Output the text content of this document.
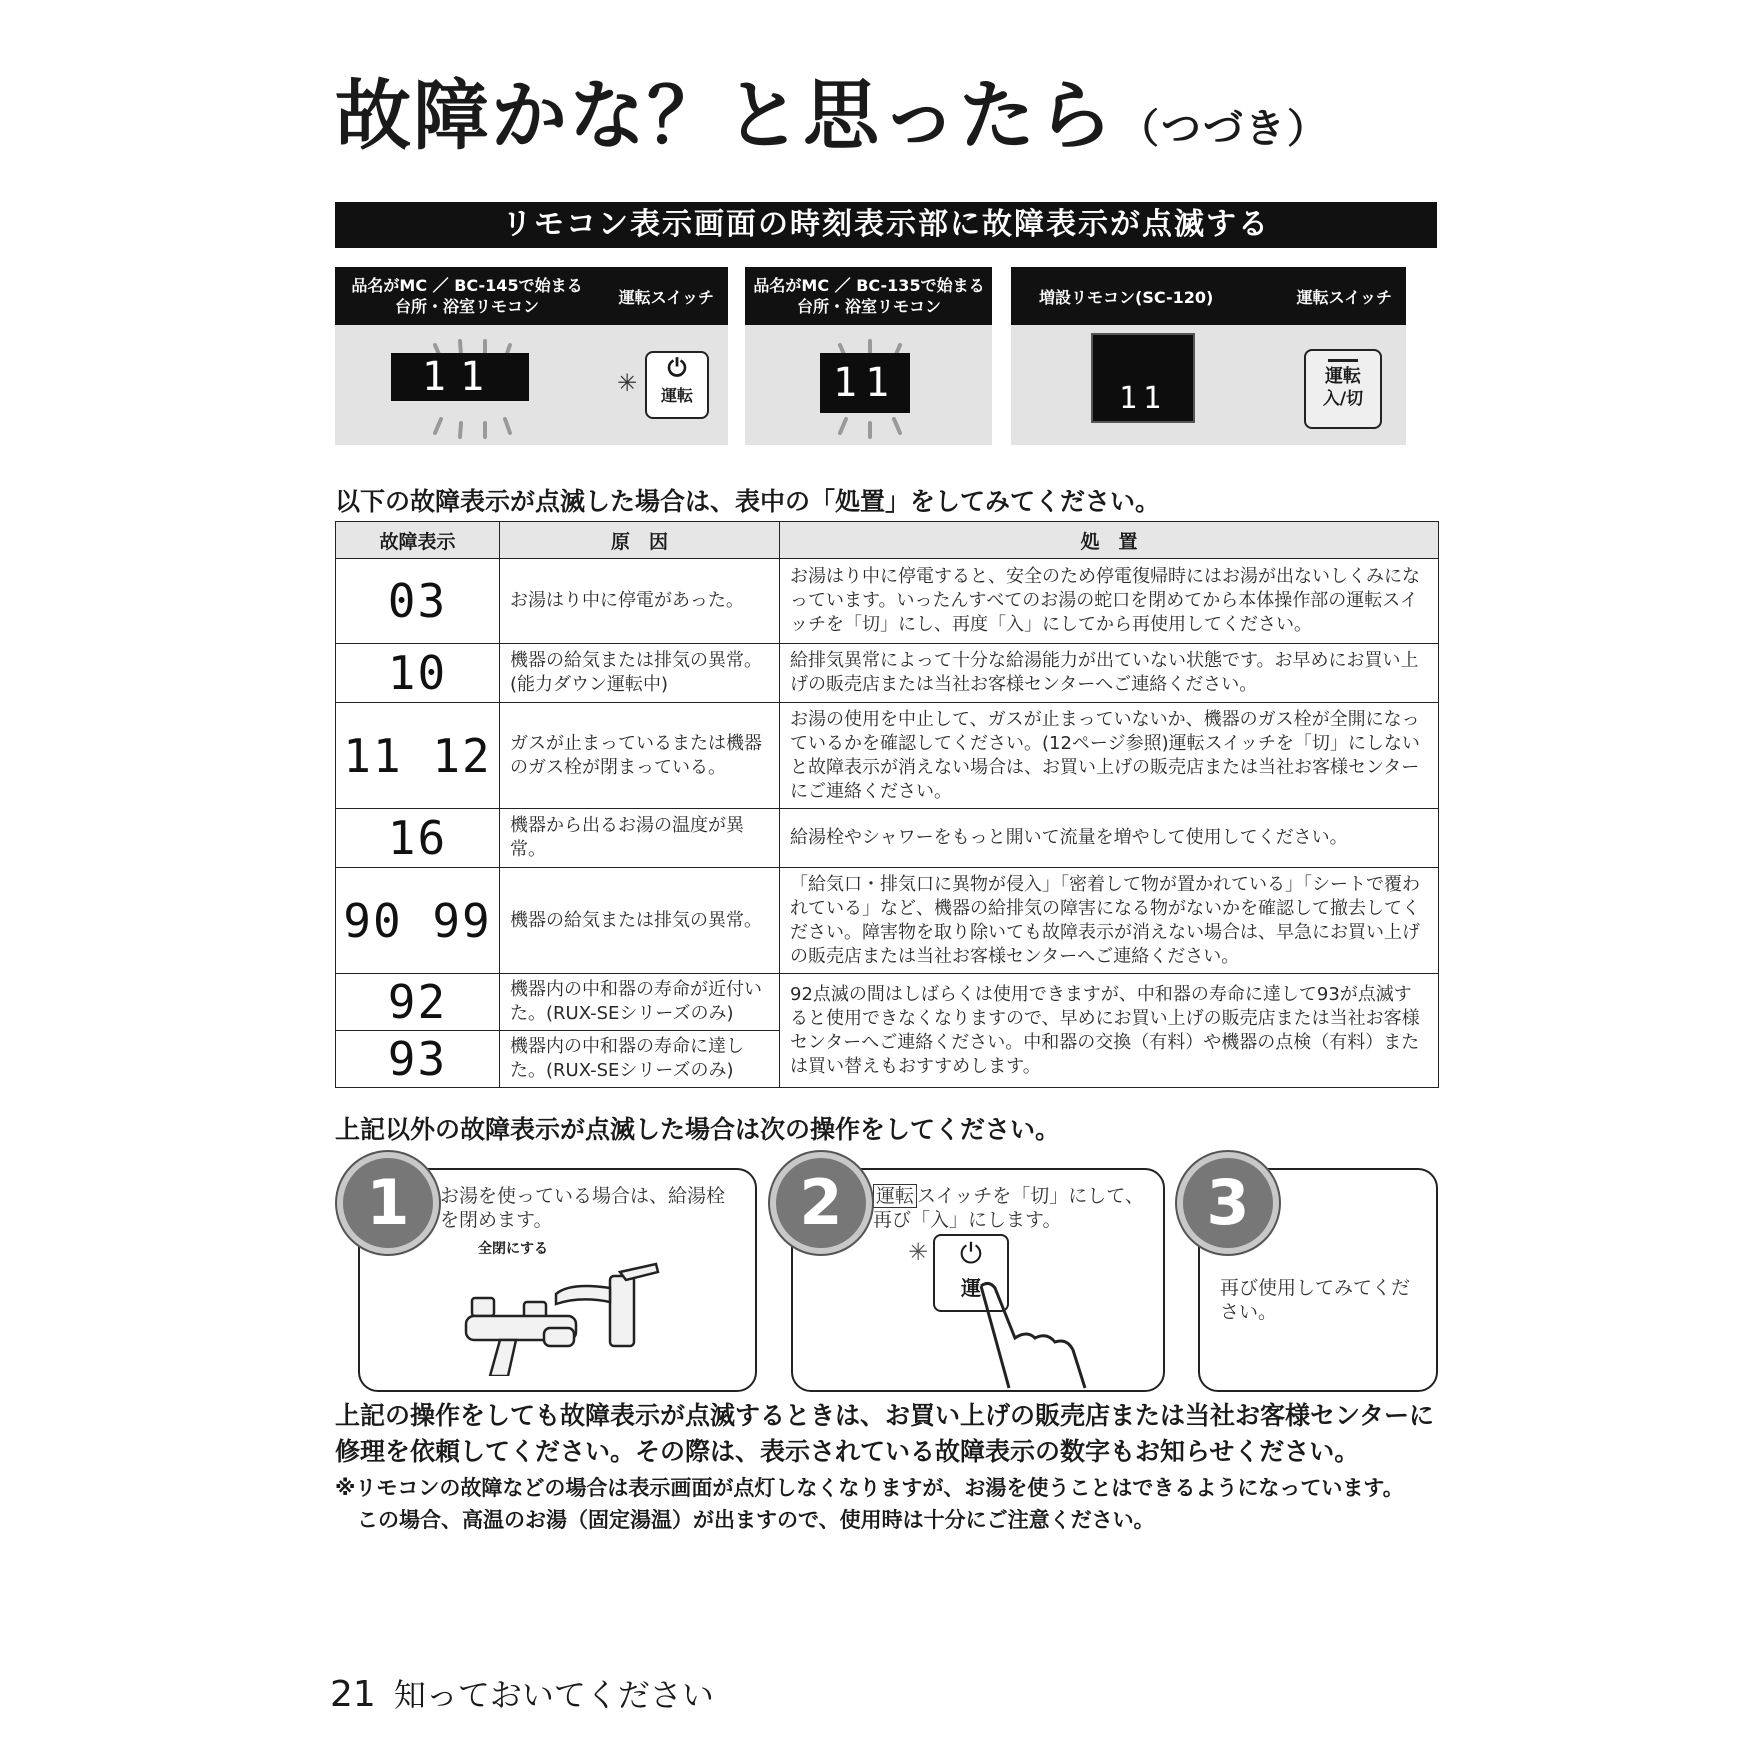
故障かな？と思ったら （つづき）
リモコン表示画面の時刻表示部に故障表示が点滅する
品名がMC ／ BC-145で始まる台所・浴室リモコン	運転スイッチ
11	⏻
運転
✳
品名がMC ／ BC-135で始まる台所・浴室リモコン
11
増設リモコン(SC-120)	運転スイッチ
11
運転
入/切
以下の故障表示が点滅した場合は、表中の「処置」をしてみてください。
故障表示	原　因	処　置
03	お湯はり中に停電があった。	お湯はり中に停電すると、安全のため停電復帰時にはお湯が出ないしくみになっています。いったんすべてのお湯の蛇口を閉めてから本体操作部の運転スイッチを「切」にし、再度「入」にしてから再使用してください。
10	機器の給気または排気の異常。(能力ダウン運転中)	給排気異常によって十分な給湯能力が出ていない状態です。お早めにお買い上げの販売店または当社お客様センターへご連絡ください。
11 12	ガスが止まっているまたは機器のガス栓が閉まっている。	お湯の使用を中止して、ガスが止まっていないか、機器のガス栓が全開になっているかを確認してください。(12ページ参照)運転スイッチを「切」にしないと故障表示が消えない場合は、お買い上げの販売店または当社お客様センターにご連絡ください。
16	機器から出るお湯の温度が異常。	給湯栓やシャワーをもっと開いて流量を増やして使用してください。
90 99	機器の給気または排気の異常。	「給気口・排気口に異物が侵入」「密着して物が置かれている」「シートで覆われている」など、機器の給排気の障害になる物がないかを確認して撤去してください。障害物を取り除いても故障表示が消えない場合は、早急にお買い上げの販売店または当社お客様センターへご連絡ください。
92	機器内の中和器の寿命が近付いた。(RUX-SEシリーズのみ)	92点滅の間はしばらくは使用できますが、中和器の寿命に達して93が点滅すると使用できなくなりますので、早めにお買い上げの販売店または当社お客様センターへご連絡ください。中和器の交換（有料）や機器の点検（有料）または買い替えもおすすめします。
93	機器内の中和器の寿命に達した。(RUX-SEシリーズのみ)	
上記以外の故障表示が点滅した場合は次の操作をしてください。
お湯を使っている場合は、給湯栓を閉めます。
全閉にする
1	運転 スイッチを「切」にして、再び「入」にします。
✳	⏻
運
2
再び使用してみてください。
3
上記の操作をしても故障表示が点滅するときは、お買い上げの販売店または当社お客様センターに修理を依頼してください。その際は、表示されている故障表示の数字もお知らせください。
※リモコンの故障などの場合は表示画面が点灯しなくなりますが、お湯を使うことはできるようになっています。
この場合、高温のお湯（固定湯温）が出ますので、使用時は十分にご注意ください。
21 知っておいてください
